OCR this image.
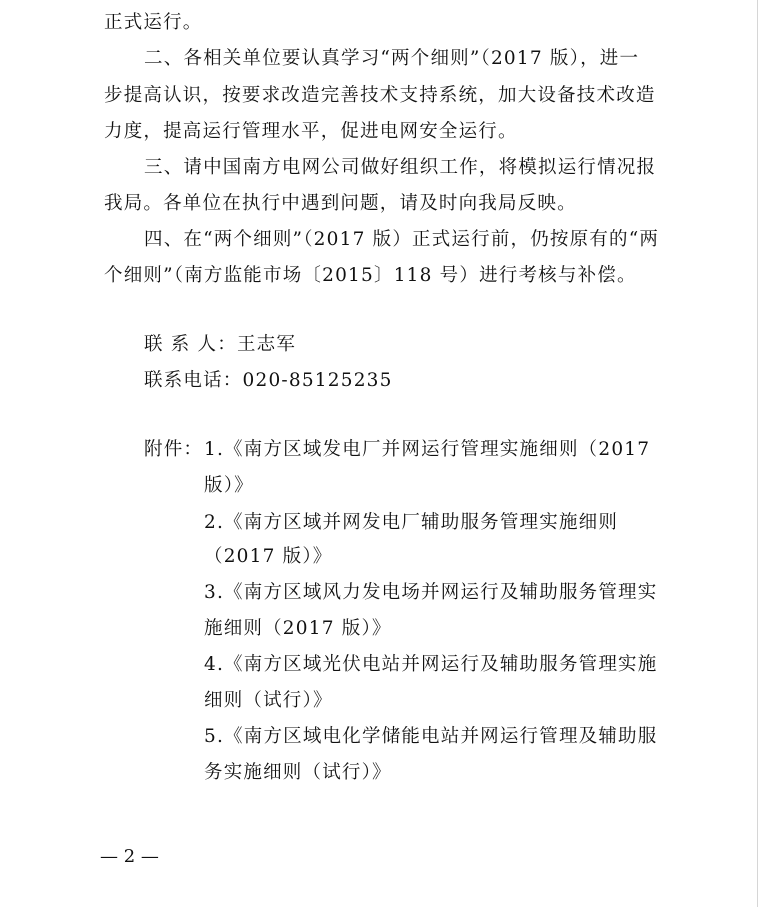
正式运行。
二、各相关单位要认真学习“两个细则”（2017 版），进一
步提高认识，按要求改造完善技术支持系统，加大设备技术改造
力度，提高运行管理水平，促进电网安全运行。
三、请中国南方电网公司做好组织工作，将模拟运行情况报
我局。各单位在执行中遇到问题，请及时向我局反映。
四、在“两个细则”（2017 版）正式运行前，仍按原有的“两
个细则”（南方监能市场〔2015〕118 号）进行考核与补偿。
联 系 人：王志军
联系电话：020-85125235
附件： 1.《南方区域发电厂并网运行管理实施细则（2017
版）》
2.《南方区域并网发电厂辅助服务管理实施细则
（2017 版）》
3.《南方区域风力发电场并网运行及辅助服务管理实
施细则（2017 版）》
4.《南方区域光伏电站并网运行及辅助服务管理实施
细则（试行）》
5.《南方区域电化学储能电站并网运行管理及辅助服
务实施细则（试行）》
— 2 —
